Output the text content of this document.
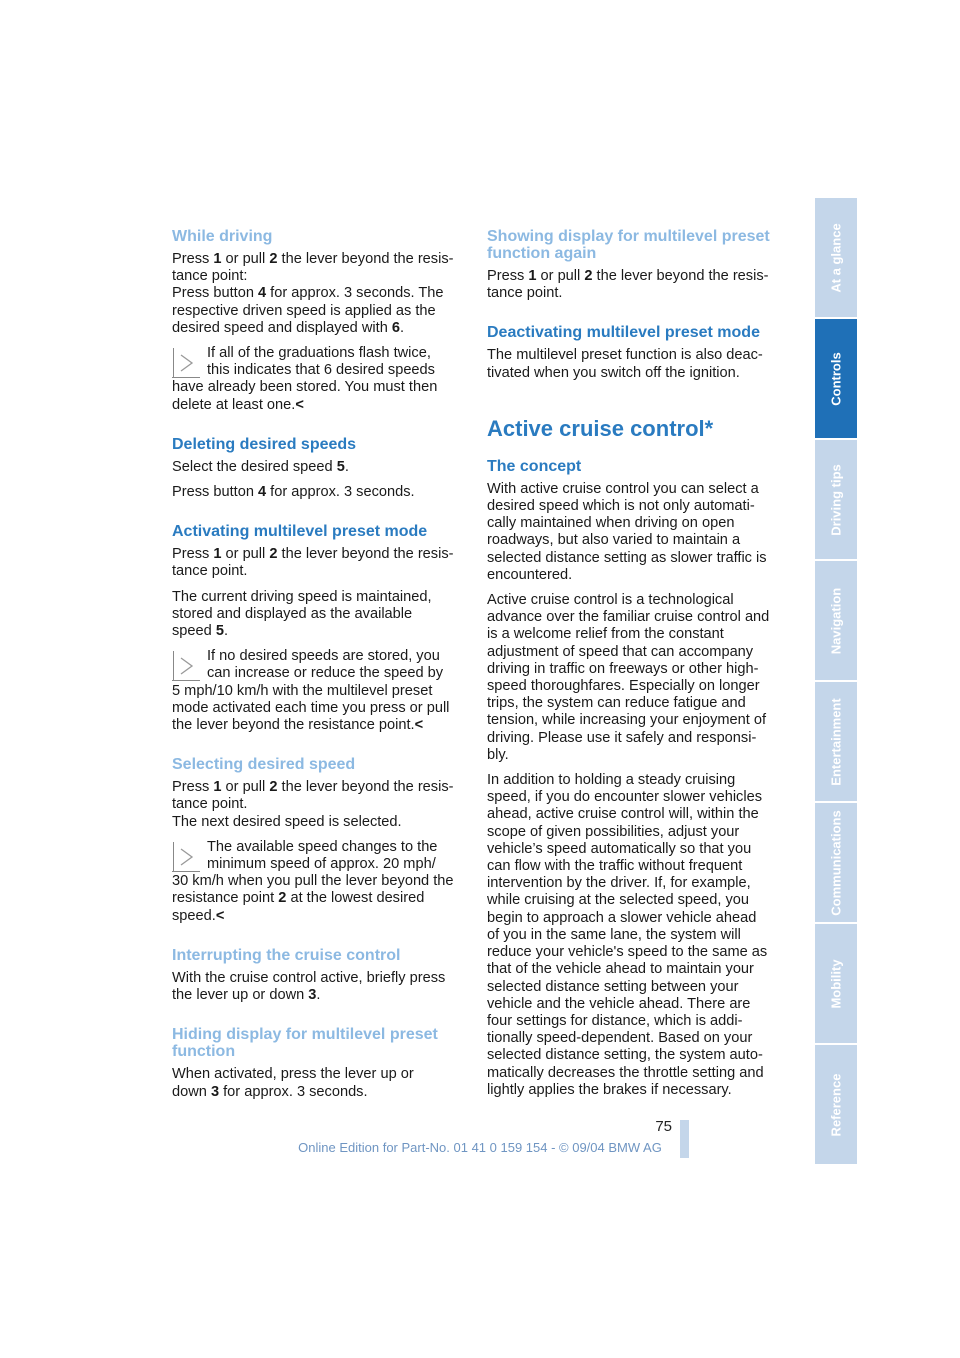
While driving

Press 1 or pull 2 the lever beyond the resis-
tance point:
Press button 4 for approx. 3 seconds. The
respective driven speed is applied as the
desired speed and displayed with 6.

If all of the graduations flash twice,
this indicates that 6 desired speeds
have already been stored. You must then
delete at least one.<
Deleting desired speeds

Select the desired speed 5.

Press button 4 for approx. 3 seconds.

Activating multilevel preset mode

Press 1 or pull 2 the lever beyond the resis-
tance point.

The current driving speed is maintained,
stored and displayed as the available
speed 5.

If no desired speeds are stored, you
can increase or reduce the speed by
5 mph/10 km/h with the multilevel preset
mode activated each time you press or pull
the lever beyond the resistance point.<
Selecting desired speed

Press 1 or pull 2 the lever beyond the resis-
tance point.
The next desired speed is selected.

The available speed changes to the
minimum speed of approx. 20 mph/
30 km/h when you pull the lever beyond the
resistance point 2 at the lowest desired
speed.<
Interrupting the cruise control

With the cruise control active, briefly press
the lever up or down 3.

Hiding display for multilevel preset
function

When activated, press the lever up or
down 3 for approx. 3 seconds.

Showing display for multilevel preset
function again

Press 1 or pull 2 the lever beyond the resis-
tance point.

Deactivating multilevel preset mode

The multilevel preset function is also deac-
tivated when you switch off the ignition.

Active cruise control*
The concept

With active cruise control you can select a
desired speed which is not only automati-
cally maintained when driving on open
roadways, but also varied to maintain a
selected distance setting as slower traffic is
encountered.

Active cruise control is a technological
advance over the familiar cruise control and
is a welcome relief from the constant
adjustment of speed that can accompany
driving in traffic on freeways or other high-
speed thoroughfares. Especially on longer
trips, the system can reduce fatigue and
tension, while increasing your enjoyment of
driving. Please use it safely and responsi-
bly.

In addition to holding a steady cruising
speed, if you do encounter slower vehicles
ahead, active cruise control will, within the
scope of given possibilities, adjust your
vehicle’s speed automatically so that you
can flow with the traffic without frequent
intervention by the driver. If, for example,
while cruising at the selected speed, you
begin to approach a slower vehicle ahead
of you in the same lane, the system will
reduce your vehicle's speed to the same as
that of the vehicle ahead to maintain your
selected distance setting between your
vehicle and the vehicle ahead. There are
four settings for distance, which is addi-
tionally speed-dependent. Based on your
selected distance setting, the system auto-
matically decreases the throttle setting and
lightly applies the brakes if necessary.

At a glance
Controls
Driving tips
Navigation
Entertainment
Communications
Mobility
Reference
75
Online Edition for Part-No. 01 41 0 159 154 - © 09/04 BMW AG
